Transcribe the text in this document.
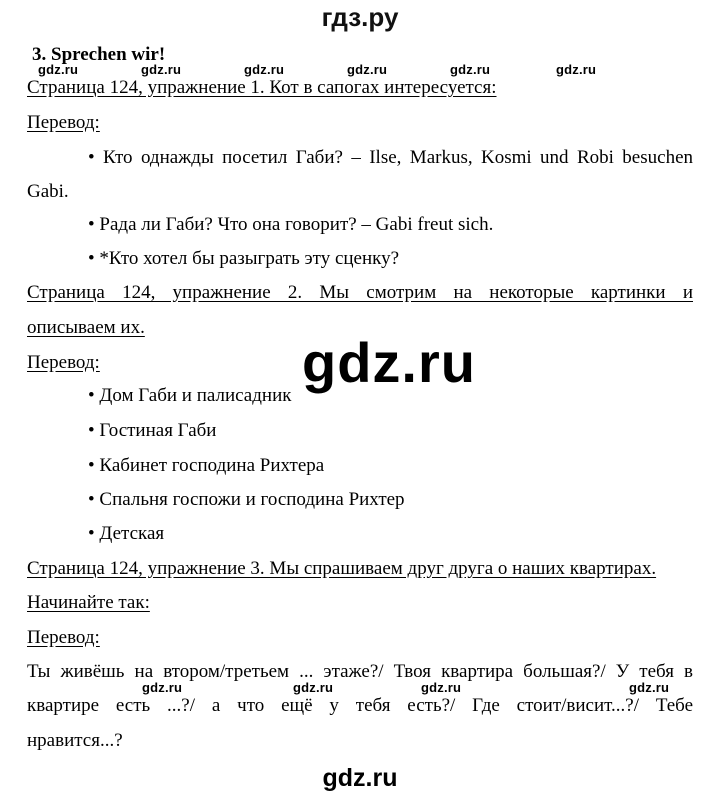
гдз.ру
3. Sprechen wir!
gdz.ru	gdz.ru	gdz.ru	gdz.ru	gdz.ru	gdz.ru
Страница 124, упражнение 1. Кот в сапогах интересуется:
Перевод:
• Кто однажды посетил Габи? – Ilse, Markus, Kosmi und Robi besuchen
Gabi.
• Рада ли Габи? Что она говорит? – Gabi freut sich.
• *Кто хотел бы разыграть эту сценку?
Страница 124, упражнение 2. Мы смотрим на некоторые картинки и
описываем их.
Перевод:	gdz.ru
• Дом Габи и палисадник
• Гостиная Габи
• Кабинет господина Рихтера
• Спальня госпожи и господина Рихтер
• Детская
Страница 124, упражнение 3. Мы спрашиваем друг друга о наших квартирах.
Начинайте так:
Перевод:
Ты живёшь на втором/третьем ... этаже?/ Твоя квартира большая?/ У тебя в
gdz.ru	gdz.ru	gdz.ru	gdz.ru
квартире есть ...?/ а что ещё у тебя есть?/ Где стоит/висит...?/ Тебе
нравится...?
gdz.ru
